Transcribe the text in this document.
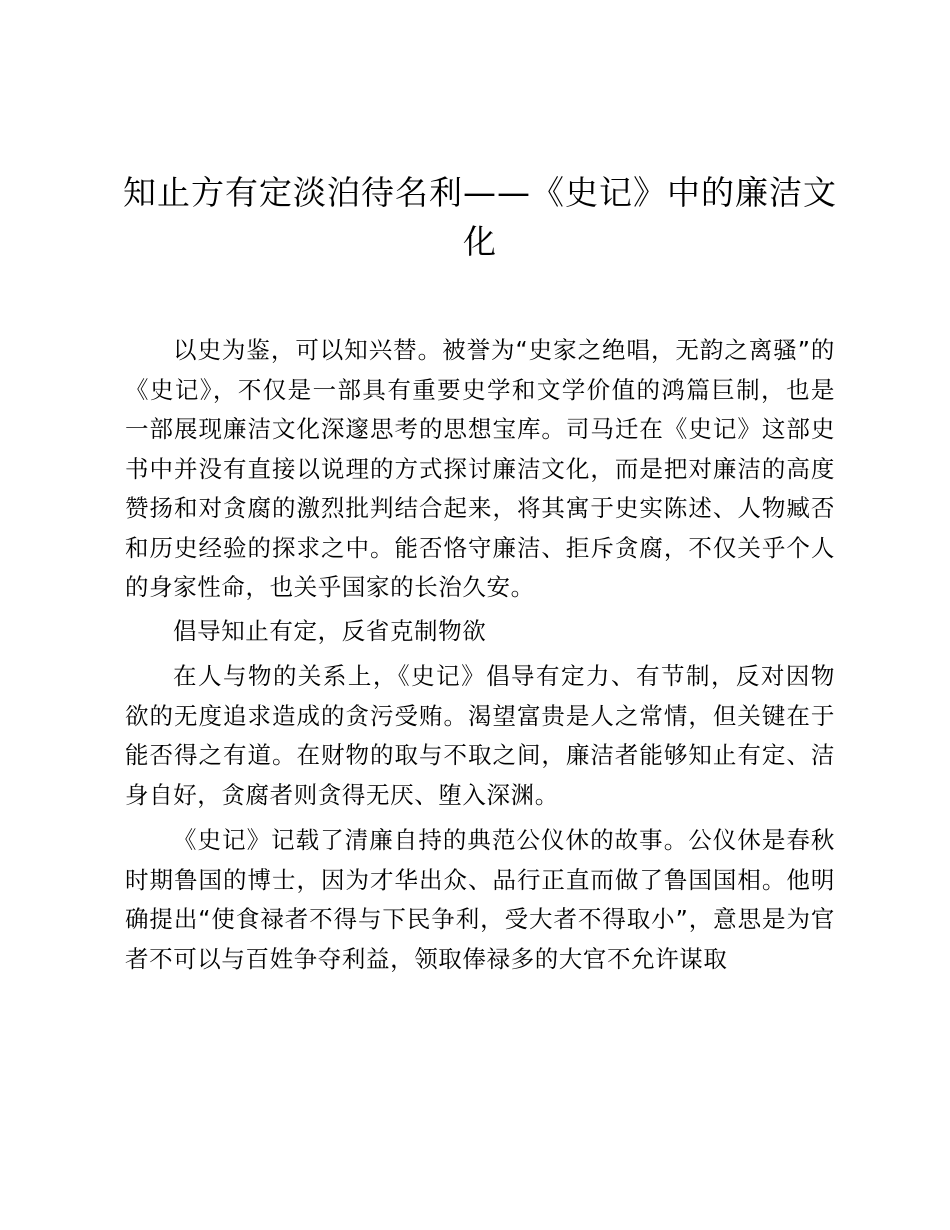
知止方有定淡泊待名利——《史记》中的廉洁文化

以史为鉴，可以知兴替。被誉为“史家之绝唱，无韵之离骚”的《史记》，不仅是一部具有重要史学和文学价值的鸿篇巨制，也是一部展现廉洁文化深邃思考的思想宝库。司马迁在《史记》这部史书中并没有直接以说理的方式探讨廉洁文化，而是把对廉洁的高度赞扬和对贪腐的激烈批判结合起来，将其寓于史实陈述、人物臧否和历史经验的探求之中。能否恪守廉洁、拒斥贪腐，不仅关乎个人的身家性命，也关乎国家的长治久安。

倡导知止有定，反省克制物欲

在人与物的关系上，《史记》倡导有定力、有节制，反对因物欲的无度追求造成的贪污受贿。渴望富贵是人之常情，但关键在于能否得之有道。在财物的取与不取之间，廉洁者能够知止有定、洁身自好，贪腐者则贪得无厌、堕入深渊。

《史记》记载了清廉自持的典范公仪休的故事。公仪休是春秋时期鲁国的博士，因为才华出众、品行正直而做了鲁国国相。他明确提出“使食禄者不得与下民争利，受大者不得取小”，意思是为官者不可以与百姓争夺利益，领取俸禄多的大官不允许谋取
